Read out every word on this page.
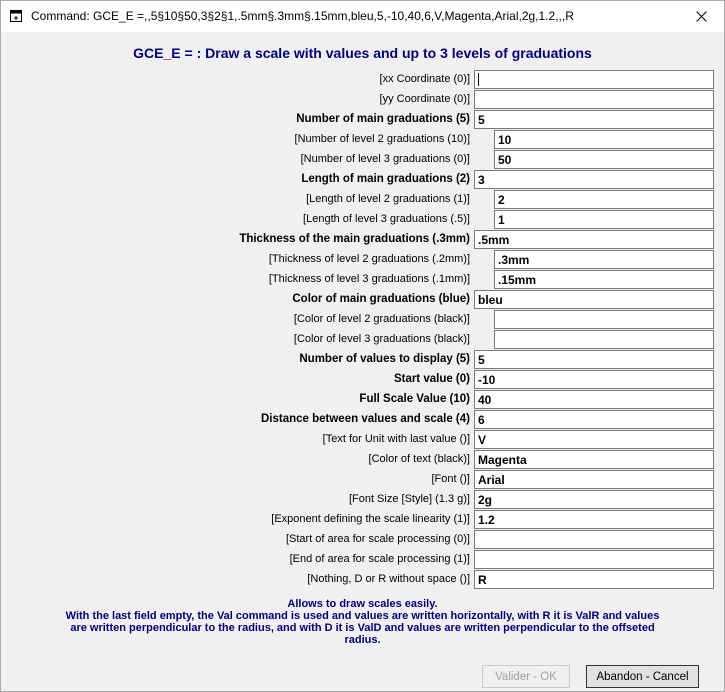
Command: GCE_E =,,5§10§50,3§2§1,.5mm§.3mm§.15mm,bleu,5,-10,40,6,V,Magenta,Arial,2g,1.2,,,R
GCE_E = : Draw a scale with values and up to 3 levels of graduations
[xx Coordinate (0)]
[yy Coordinate (0)]
Number of main graduations (5) 5
[Number of level 2 graduations (10)]	10
[Number of level 3 graduations (0)]	50
Length of main graduations (2) 3
[Length of level 2 graduations (1)]	2
[Length of level 3 graduations (.5)]	1
Thickness of the main graduations (.3mm) .5mm
[Thickness of level 2 graduations (.2mm)]	.3mm
[Thickness of level 3 graduations (.1mm)]	.15mm
Color of main graduations (blue) bleu
[Color of level 2 graduations (black)]
[Color of level 3 graduations (black)]
Number of values to display (5) 5
Start value (0) -10
Full Scale Value (10) 40
Distance between values and scale (4) 6
[Text for Unit with last value ()] V
[Color of text (black)] Magenta
[Font ()] Arial
[Font Size [Style] (1.3 g)] 2g
[Exponent defining the scale linearity (1)] 1.2
[Start of area for scale processing (0)]
[End of area for scale processing (1)]
[Nothing, D or R without space ()] R
Allows to draw scales easily.
With the last field empty, the Val command is used and values are written horizontally, with R it is ValR and values
are written perpendicular to the radius, and with D it is ValD and values are written perpendicular to the offseted
radius.
Valider - OK	Abandon - Cancel
